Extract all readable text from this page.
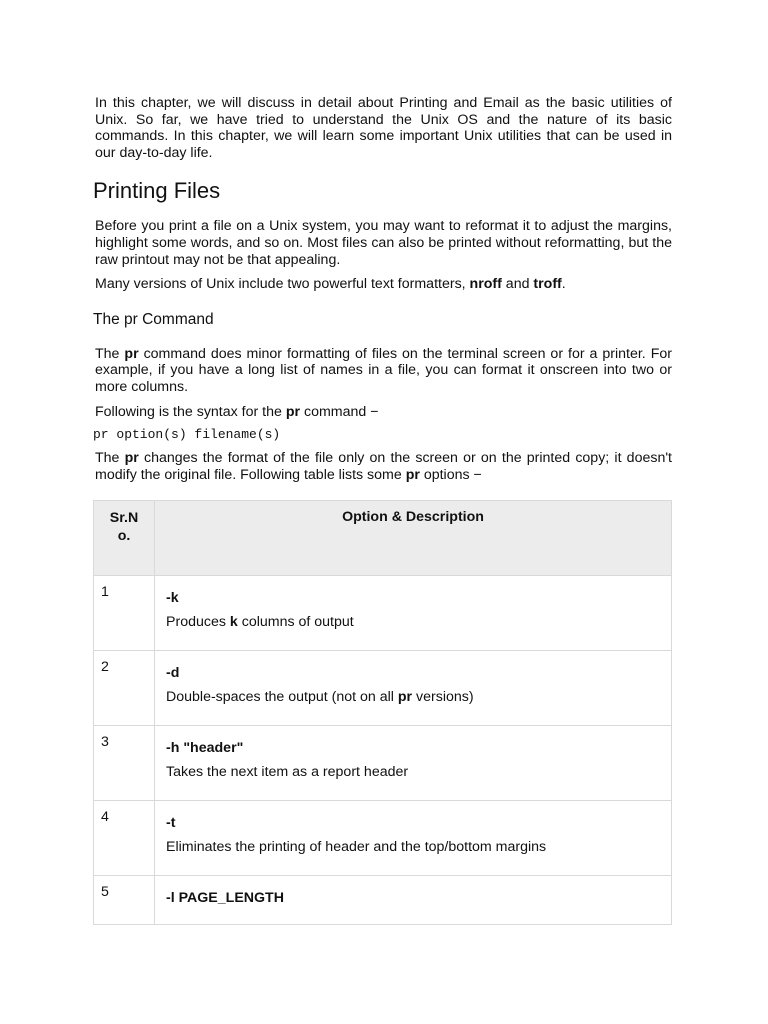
In this chapter, we will discuss in detail about Printing and Email as the basic utilities of Unix. So far, we have tried to understand the Unix OS and the nature of its basic commands. In this chapter, we will learn some important Unix utilities that can be used in our day-to-day life.

Printing Files

Before you print a file on a Unix system, you may want to reformat it to adjust the margins, highlight some words, and so on. Most files can also be printed without reformatting, but the raw printout may not be that appealing.

Many versions of Unix include two powerful text formatters, nroff and troff.

The pr Command

The pr command does minor formatting of files on the terminal screen or for a printer. For example, if you have a long list of names in a file, you can format it onscreen into two or more columns.

Following is the syntax for the pr command −

pr option(s) filename(s)

The pr changes the format of the file only on the screen or on the printed copy; it doesn't modify the original file. Following table lists some pr options −

Sr.No.	Option & Description
1	-k
Produces k columns of output

2	-d
Double-spaces the output (not on all pr versions)

3	-h "header"
Takes the next item as a report header

4	-t
Eliminates the printing of header and the top/bottom margins

5	-l PAGE_LENGTH
